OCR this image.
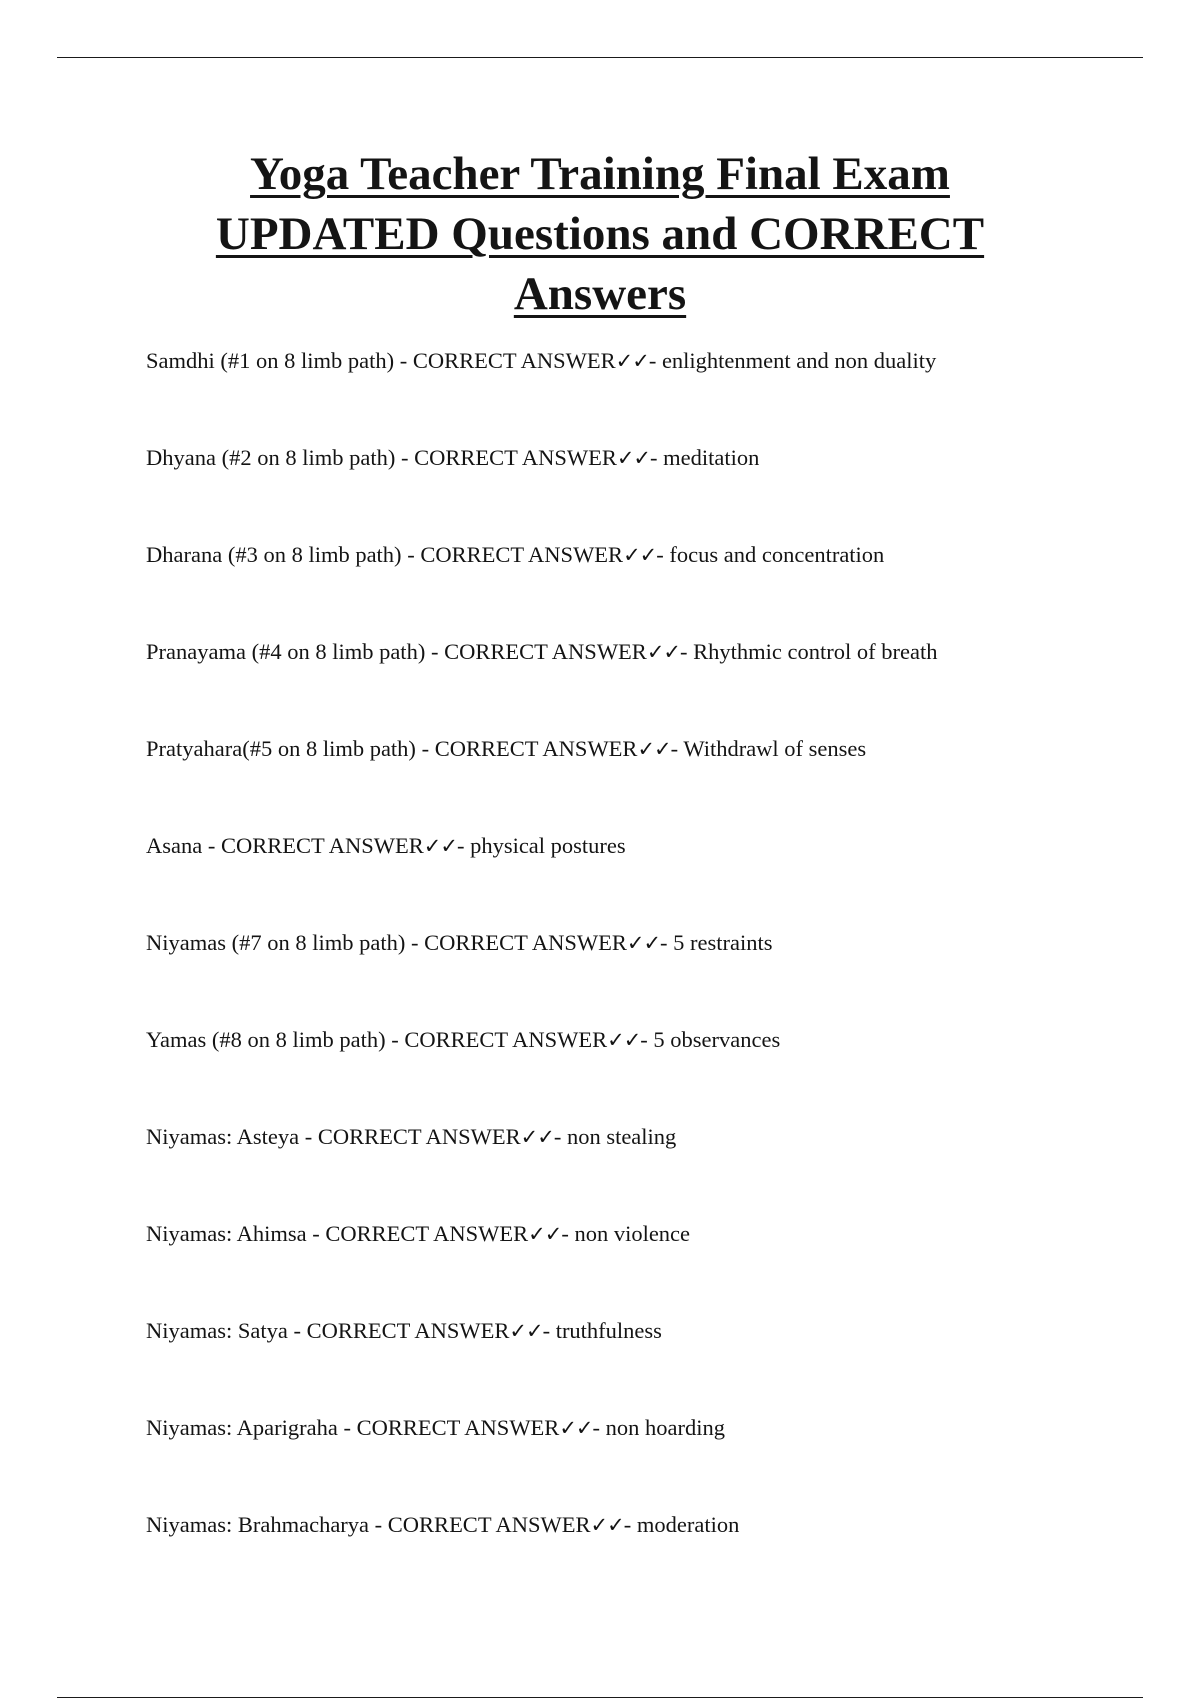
Yoga Teacher Training Final Exam
UPDATED Questions and CORRECT
Answers
Samdhi (#1 on 8 limb path) - CORRECT ANSWER✓✓- enlightenment and non duality
Dhyana (#2 on 8 limb path) - CORRECT ANSWER✓✓- meditation
Dharana (#3 on 8 limb path) - CORRECT ANSWER✓✓- focus and concentration
Pranayama (#4 on 8 limb path) - CORRECT ANSWER✓✓- Rhythmic control of breath
Pratyahara(#5 on 8 limb path) - CORRECT ANSWER✓✓- Withdrawl of senses
Asana - CORRECT ANSWER✓✓- physical postures
Niyamas (#7 on 8 limb path) - CORRECT ANSWER✓✓- 5 restraints
Yamas (#8 on 8 limb path) - CORRECT ANSWER✓✓- 5 observances
Niyamas: Asteya - CORRECT ANSWER✓✓- non stealing
Niyamas: Ahimsa - CORRECT ANSWER✓✓- non violence
Niyamas: Satya - CORRECT ANSWER✓✓- truthfulness
Niyamas: Aparigraha - CORRECT ANSWER✓✓- non hoarding
Niyamas: Brahmacharya - CORRECT ANSWER✓✓- moderation
